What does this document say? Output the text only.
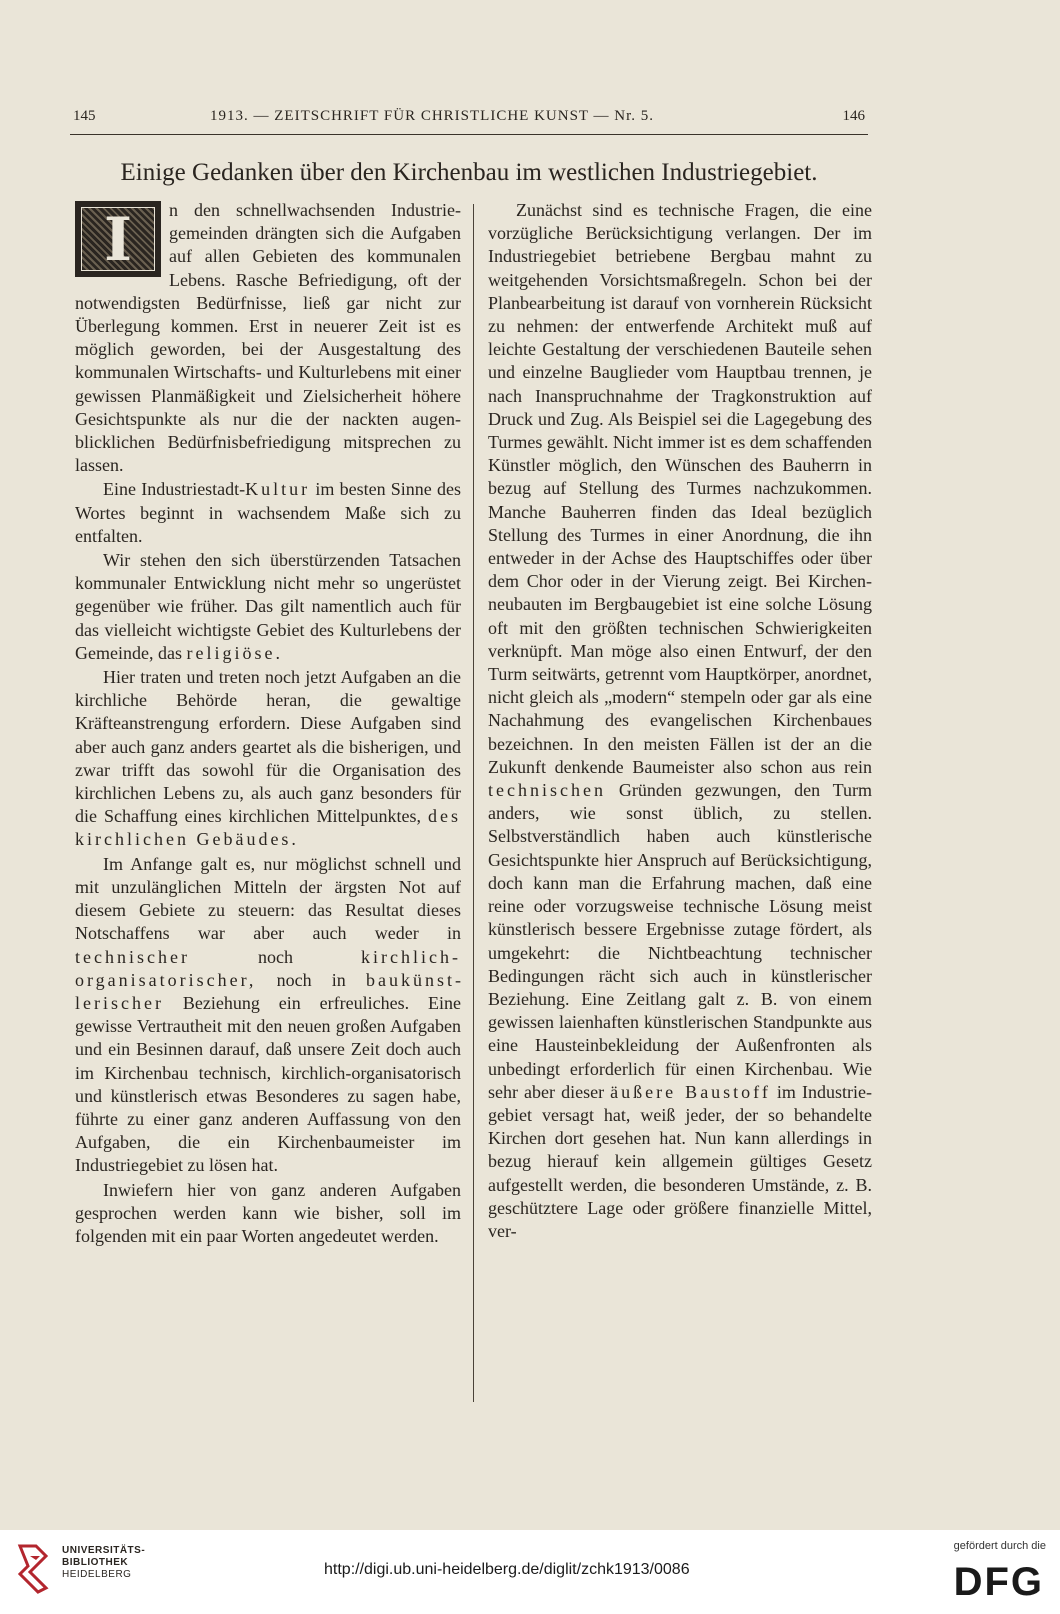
145	1913. — ZEITSCHRIFT FÜR CHRISTLICHE KUNST — Nr. 5.	146
Einige Gedanken über den Kirchenbau im westlichen Industriegebiet.

I	n den schnellwachsenden Industriegemeinden drängten sich die Aufgaben auf allen Gebieten des kommunalen Lebens. Rasche Befriedigung, oft der notwendigsten Bedürfnisse, ließ gar nicht zur Überlegung kommen. Erst in neuerer Zeit ist es möglich geworden, bei der Ausgestaltung des kommunalen Wirtschafts- und Kulturlebens mit einer gewissen Planmäßigkeit und Zielsicherheit höhere Gesichtspunkte als nur die der nackten augenblicklichen Bedürfnisbefriedigung mitsprechen zu lassen.

Eine Industriestadt-Kultur im besten Sinne des Wortes beginnt in wachsendem Maße sich zu entfalten.

Wir stehen den sich überstürzenden Tatsachen kommunaler Entwicklung nicht mehr so ungerüstet gegenüber wie früher. Das gilt namentlich auch für das vielleicht wichtigste Gebiet des Kulturlebens der Gemeinde, das religiöse.

Hier traten und treten noch jetzt Aufgaben an die kirchliche Behörde heran, die gewaltige Kräfteanstrengung erfordern. Diese Aufgaben sind aber auch ganz anders geartet als die bisherigen, und zwar trifft das sowohl für die Organisation des kirchlichen Lebens zu, als auch ganz besonders für die Schaffung eines kirchlichen Mittelpunktes, des kirchlichen Gebäudes.

Im Anfange galt es, nur möglichst schnell und mit unzulänglichen Mitteln der ärgsten Not auf diesem Gebiete zu steuern: das Resultat dieses Notschaffens war aber auch weder in technischer noch kirchlich-organisatorischer, noch in baukünstlerischer Beziehung ein erfreuliches. Eine gewisse Vertrautheit mit den neuen großen Aufgaben und ein Besinnen darauf, daß unsere Zeit doch auch im Kirchenbau technisch, kirchlich-organisatorisch und künstlerisch etwas Besonderes zu sagen habe, führte zu einer ganz anderen Auffassung von den Aufgaben, die ein Kirchenbaumeister im Industriegebiet zu lösen hat.

Inwiefern hier von ganz anderen Aufgaben gesprochen werden kann wie bisher, soll im folgenden mit ein paar Worten angedeutet werden.

Zunächst sind es technische Fragen, die eine vorzügliche Berücksichtigung verlangen. Der im Industriegebiet betriebene Bergbau mahnt zu weitgehenden Vorsichtsmaßregeln. Schon bei der Planbearbeitung ist darauf von vornherein Rücksicht zu nehmen: der entwerfende Architekt muß auf leichte Gestaltung der verschiedenen Bauteile sehen und einzelne Bauglieder vom Hauptbau trennen, je nach Inanspruchnahme der Tragkonstruktion auf Druck und Zug. Als Beispiel sei die Lagegebung des Turmes gewählt. Nicht immer ist es dem schaffenden Künstler möglich, den Wünschen des Bauherrn in bezug auf Stellung des Turmes nachzukommen. Manche Bauherren finden das Ideal bezüglich Stellung des Turmes in einer Anordnung, die ihn entweder in der Achse des Hauptschiffes oder über dem Chor oder in der Vierung zeigt. Bei Kirchenneubauten im Bergbaugebiet ist eine solche Lösung oft mit den größten technischen Schwierigkeiten verknüpft. Man möge also einen Entwurf, der den Turm seitwärts, getrennt vom Hauptkörper, anordnet, nicht gleich als „modern“ stempeln oder gar als eine Nachahmung des evangelischen Kirchenbaues bezeichnen. In den meisten Fällen ist der an die Zukunft denkende Baumeister also schon aus rein technischen Gründen gezwungen, den Turm anders, wie sonst üblich, zu stellen. Selbstverständlich haben auch künstlerische Gesichtspunkte hier Anspruch auf Berücksichtigung, doch kann man die Erfahrung machen, daß eine reine oder vorzugsweise technische Lösung meist künstlerisch bessere Ergebnisse zutage fördert, als umgekehrt: die Nichtbeachtung technischer Bedingungen rächt sich auch in künstlerischer Beziehung. Eine Zeitlang galt z. B. von einem gewissen laienhaften künstlerischen Standpunkte aus eine Hausteinbekleidung der Außenfronten als unbedingt erforderlich für einen Kirchenbau. Wie sehr aber dieser äußere Baustoff im Industriegebiet versagt hat, weiß jeder, der so behandelte Kirchen dort gesehen hat. Nun kann allerdings in bezug hierauf kein allgemein gültiges Gesetz aufgestellt werden, die besonderen Umstände, z. B. geschütztere Lage oder größere finanzielle Mittel, ver-

UNIVERSITÄTS-
BIBLIOTHEK
HEIDELBERG	http://digi.ub.uni-heidelberg.de/diglit/zchk1913/0086
gefördert durch die
DFG
